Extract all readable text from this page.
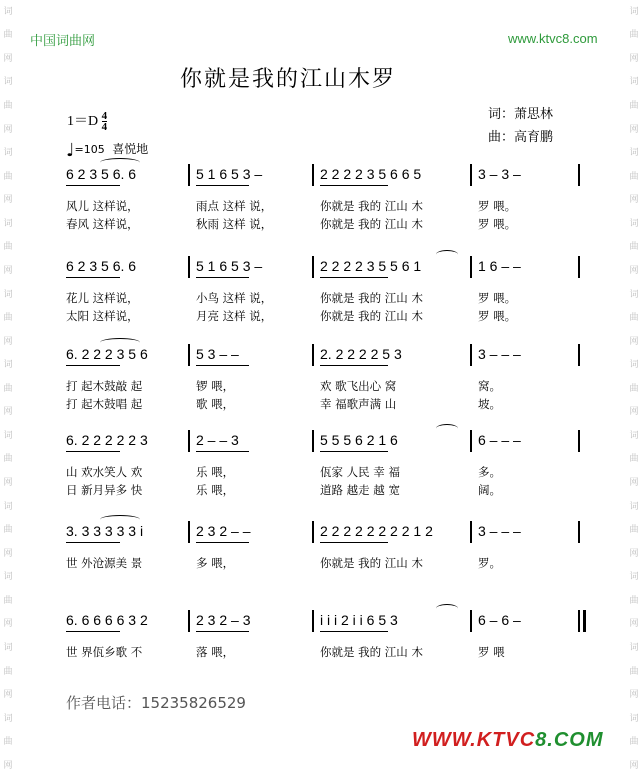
词
曲
网
词
曲
网
词
曲
网
词
曲
网
词
曲
网
词
曲
网
词
曲
网
词
曲
网
词
曲
网
词
曲
网
词
曲
网
词
曲
网
词
曲
网
词
曲
网
词
曲
网
词
曲
网
词
曲
网
词
曲
网
词
曲
网
词
曲
网
词
曲
网
词
曲
网
中国词曲网	www.ktvc8.com
你就是我的江山木罗
词：萧思林
曲：高育鹏
$1=D \frac{4}{4}$
♩=105 喜悦地
6 2 3 5 6. 6	5 1 6 5 3 –	2 2 2 2 3 5 6 6 5	3 – 3 –
风儿 这样说，	雨点 这样 说，	你就是 我的 江山 木	罗 喂。
春风 这样说，	秋雨 这样 说，	你就是 我的 江山 木	罗 喂。
6 2 3 5 6. 6	5 1 6 5 3 –	2 2 2 2 3 5 5 6 1	1 6 – –
花儿 这样说，	小鸟 这样 说，	你就是 我的 江山 木	罗 喂。
太阳 这样说，	月亮 这样 说，	你就是 我的 江山 木	罗 喂。
6. 2 2 2 3 5 6	5 3 – –	2. 2 2 2 2 5 3	3 – – –
打 起木鼓敲 起	锣 喂，	欢 歌飞出心 窝	窝。
打 起木鼓唱 起	歌 喂，	幸 福歌声满 山	坡。
6. 2 2 2 2 2 3	2 – – 3	5 5 5 6 2 1 6	6 – – –
山 欢水笑人 欢	乐 喂，	佤家 人民 幸 福	多。
日 新月异多 快	乐 喂，	道路 越走 越 宽	阔。
3. 3 3 3 3 3 i	2 3 2 – –	2 2 2 2 2 2 2 2 1 2	3 – – –
世 外沧源美 景	多 喂，	你就是 我的 江山 木	罗。
6. 6 6 6 6 3 2	2 3 2 – 3	i i i 2 i i 6 5 3	6 – 6 –
世 界佤乡歌 不	落 喂，	你就是 我的 江山 木	罗 喂
作者电话：15235826529
WWW.KTVC8.COM
